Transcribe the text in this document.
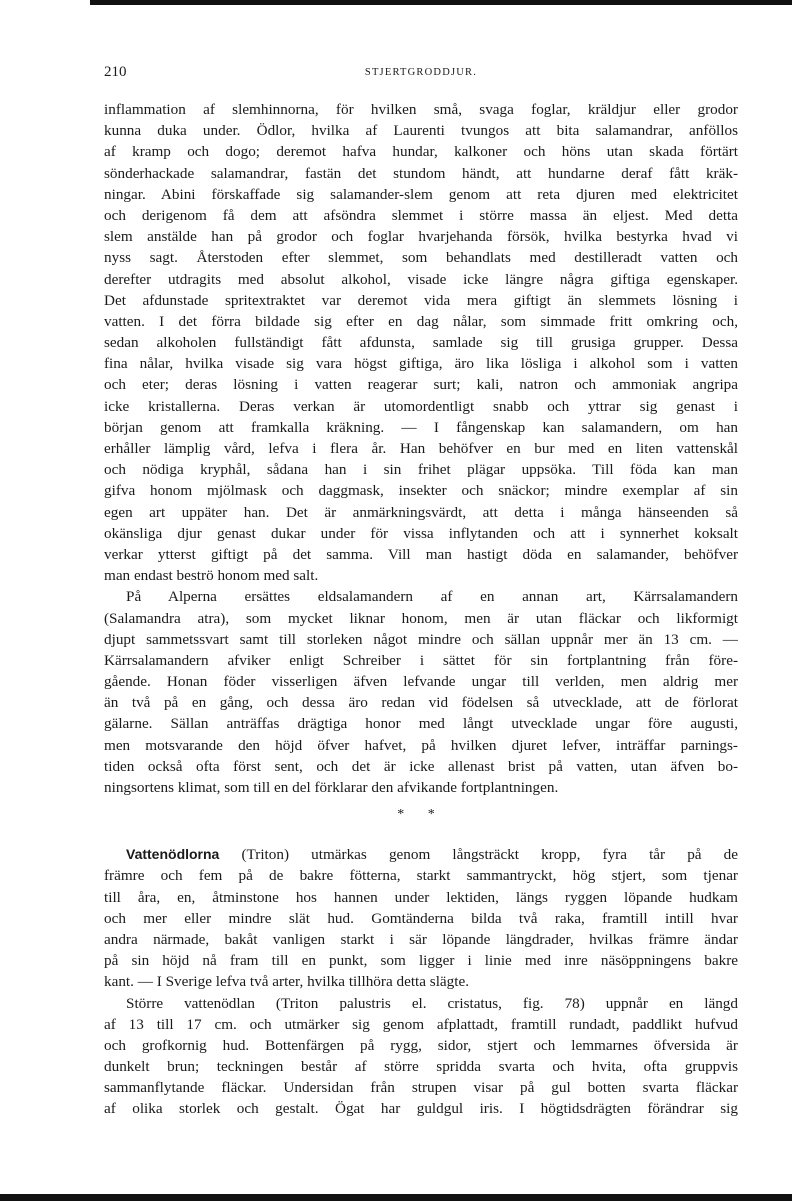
210	STJERTGRODDJUR.
inflammation af slemhinnorna, för hvilken små, svaga foglar, kräldjur eller grodor
kunna duka under. Ödlor, hvilka af Laurenti tvungos att bita salamandrar, anföllos
af kramp och dogo; deremot hafva hundar, kalkoner och höns utan skada förtärt
sönderhackade salamandrar, fastän det stundom händt, att hundarne deraf fått kräk-
ningar. Abini förskaffade sig salamander-slem genom att reta djuren med elektricitet
och derigenom få dem att afsöndra slemmet i större massa än eljest. Med detta
slem anstälde han på grodor och foglar hvarjehanda försök, hvilka bestyrka hvad vi
nyss sagt. Återstoden efter slemmet, som behandlats med destilleradt vatten och
derefter utdragits med absolut alkohol, visade icke längre några giftiga egenskaper.
Det afdunstade spritextraktet var deremot vida mera giftigt än slemmets lösning i
vatten. I det förra bildade sig efter en dag nålar, som simmade fritt omkring och,
sedan alkoholen fullständigt fått afdunsta, samlade sig till grusiga grupper. Dessa
fina nålar, hvilka visade sig vara högst giftiga, äro lika lösliga i alkohol som i vatten
och eter; deras lösning i vatten reagerar surt; kali, natron och ammoniak angripa
icke kristallerna. Deras verkan är utomordentligt snabb och yttrar sig genast i
början genom att framkalla kräkning. — I fångenskap kan salamandern, om han
erhåller lämplig vård, lefva i flera år. Han behöfver en bur med en liten vattenskål
och nödiga kryphål, sådana han i sin frihet plägar uppsöka. Till föda kan man
gifva honom mjölmask och daggmask, insekter och snäckor; mindre exemplar af sin
egen art uppäter han. Det är anmärkningsvärdt, att detta i många hänseenden så
okänsliga djur genast dukar under för vissa inflytanden och att i synnerhet koksalt
verkar ytterst giftigt på det samma. Vill man hastigt döda en salamander, behöfver
man endast beströ honom med salt.
På Alperna ersättes eldsalamandern af en annan art, Kärrsalamandern
(Salamandra atra), som mycket liknar honom, men är utan fläckar och likformigt
djupt sammetssvart samt till storleken något mindre och sällan uppnår mer än 13 cm. —
Kärrsalamandern afviker enligt Schreiber i sättet för sin fortplantning från före-
gående. Honan föder visserligen äfven lefvande ungar till verlden, men aldrig mer
än två på en gång, och dessa äro redan vid födelsen så utvecklade, att de förlorat
gälarne. Sällan anträffas drägtiga honor med långt utvecklade ungar före augusti,
men motsvarande den höjd öfver hafvet, på hvilken djuret lefver, inträffar parnings-
tiden också ofta först sent, och det är icke allenast brist på vatten, utan äfven bo-
ningsortens klimat, som till en del förklarar den afvikande fortplantningen.
* *
Vattenödlorna (Triton) utmärkas genom långsträckt kropp, fyra tår på de
främre och fem på de bakre fötterna, starkt sammantryckt, hög stjert, som tjenar
till åra, en, åtminstone hos hannen under lektiden, längs ryggen löpande hudkam
och mer eller mindre slät hud. Gomtänderna bilda två raka, framtill intill hvar
andra närmade, bakåt vanligen starkt i sär löpande längdrader, hvilkas främre ändar
på sin höjd nå fram till en punkt, som ligger i linie med inre näsöppningens bakre
kant. — I Sverige lefva två arter, hvilka tillhöra detta slägte.
Större vattenödlan (Triton palustris el. cristatus, fig. 78) uppnår en längd
af 13 till 17 cm. och utmärker sig genom afplattadt, framtill rundadt, paddlikt hufvud
och grofkornig hud. Bottenfärgen på rygg, sidor, stjert och lemmarnes öfversida är
dunkelt brun; teckningen består af större spridda svarta och hvita, ofta gruppvis
sammanflytande fläckar. Undersidan från strupen visar på gul botten svarta fläckar
af olika storlek och gestalt. Ögat har guldgul iris. I högtidsdrägten förändrar sig
